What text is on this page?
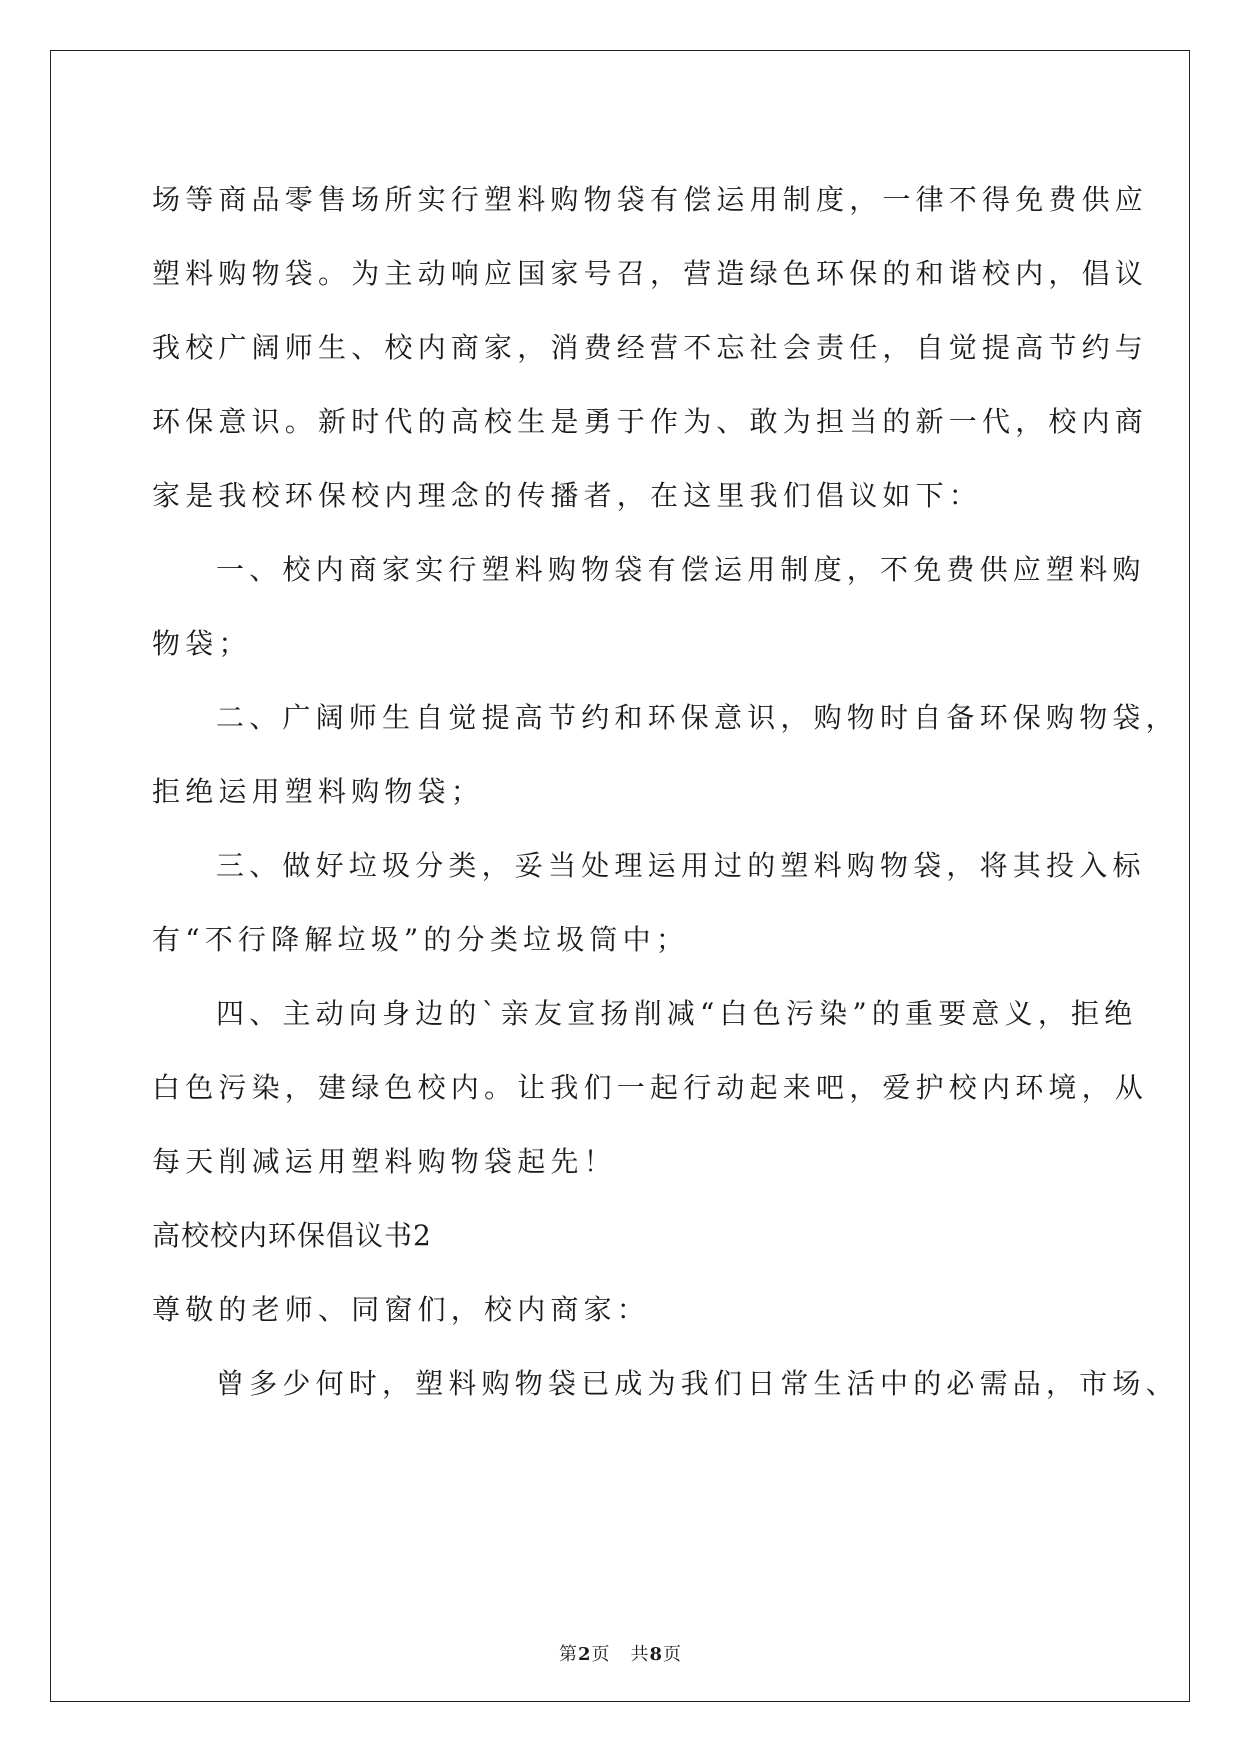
场等商品零售场所实行塑料购物袋有偿运用制度，一律不得免费供应
塑料购物袋。为主动响应国家号召，营造绿色环保的和谐校内，倡议
我校广阔师生、校内商家，消费经营不忘社会责任，自觉提高节约与
环保意识。新时代的高校生是勇于作为、敢为担当的新一代，校内商
家是我校环保校内理念的传播者，在这里我们倡议如下：
一、校内商家实行塑料购物袋有偿运用制度，不免费供应塑料购
物袋；
二、广阔师生自觉提高节约和环保意识，购物时自备环保购物袋，
拒绝运用塑料购物袋；
三、做好垃圾分类，妥当处理运用过的塑料购物袋，将其投入标
有“不行降解垃圾”的分类垃圾筒中；
四、主动向身边的`亲友宣扬削减“白色污染”的重要意义，拒绝
白色污染，建绿色校内。让我们一起行动起来吧，爱护校内环境，从
每天削减运用塑料购物袋起先！
高校校内环保倡议书2
尊敬的老师、同窗们，校内商家：
曾多少何时，塑料购物袋已成为我们日常生活中的必需品，市场、
第2页 共8页
